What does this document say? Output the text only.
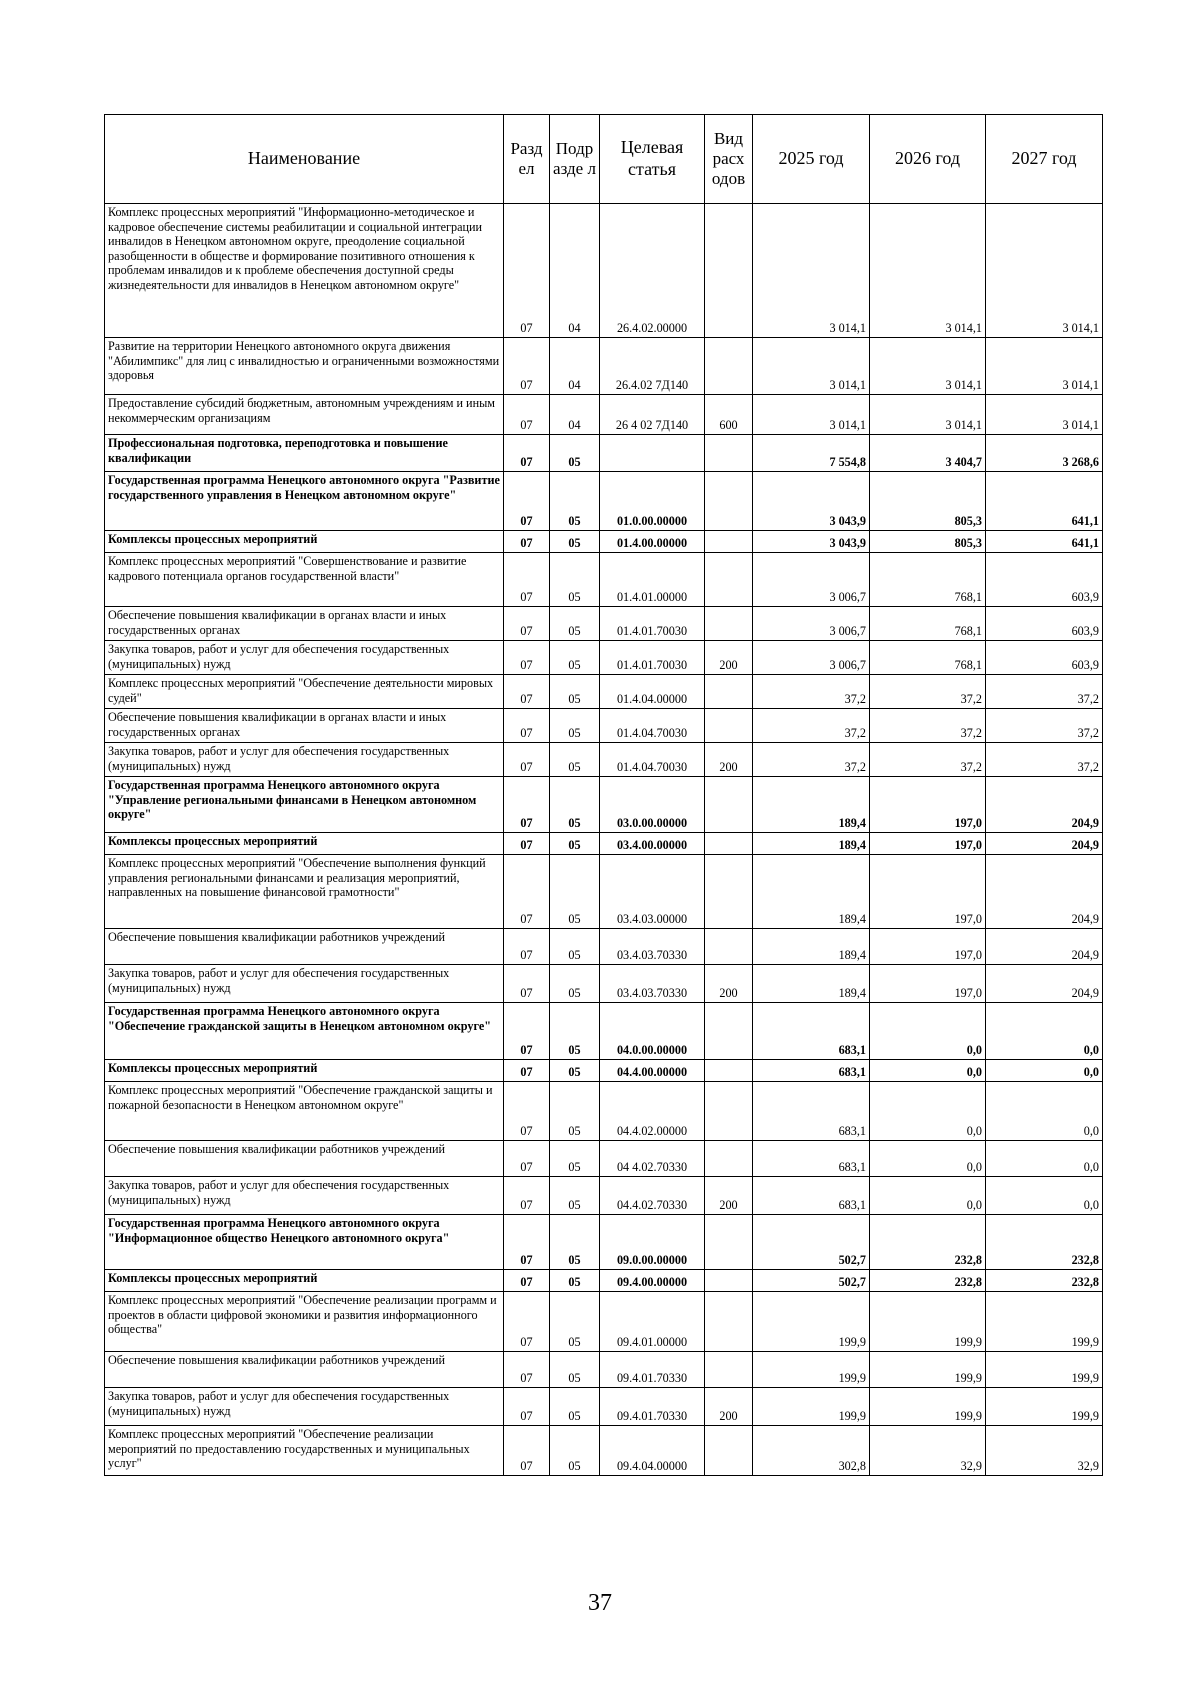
Наименование	Разд ел	Подр азде л	Целевая статья	Вид расх одов	2025 год	2026 год	2027 год
Комплекс процессных мероприятий "Информационно-методическое и кадровое обеспечение системы реабилитации и социальной интеграции инвалидов в Ненецком автономном округе, преодоление социальной разобщенности в обществе и формирование позитивного отношения к проблемам инвалидов и к проблеме обеспечения доступной среды жизнедеятельности для инвалидов в Ненецком автономном округе"	07	04	26.4.02.00000		3 014,1	3 014,1	3 014,1
Развитие на территории Ненецкого автономного округа движения "Абилимпикс" для лиц с инвалидностью и ограниченными возможностями здоровья	07	04	26.4.02 7Д140		3 014,1	3 014,1	3 014,1
Предоставление субсидий бюджетным, автономным учреждениям и иным некоммерческим организациям	07	04	26 4 02 7Д140	600	3 014,1	3 014,1	3 014,1
Профессиональная подготовка, переподготовка и повышение квалификации	07	05			7 554,8	3 404,7	3 268,6
Государственная программа Ненецкого автономного округа "Развитие государственного управления в Ненецком автономном округе"	07	05	01.0.00.00000		3 043,9	805,3	641,1
Комплексы процессных мероприятий	07	05	01.4.00.00000		3 043,9	805,3	641,1
Комплекс процессных мероприятий "Совершенствование и развитие кадрового потенциала органов государственной власти"	07	05	01.4.01.00000		3 006,7	768,1	603,9
Обеспечение повышения квалификации в органах власти и иных государственных органах	07	05	01.4.01.70030		3 006,7	768,1	603,9
Закупка товаров, работ и услуг для обеспечения государственных (муниципальных) нужд	07	05	01.4.01.70030	200	3 006,7	768,1	603,9
Комплекс процессных мероприятий "Обеспечение деятельности мировых судей"	07	05	01.4.04.00000		37,2	37,2	37,2
Обеспечение повышения квалификации в органах власти и иных государственных органах	07	05	01.4.04.70030		37,2	37,2	37,2
Закупка товаров, работ и услуг для обеспечения государственных (муниципальных) нужд	07	05	01.4.04.70030	200	37,2	37,2	37,2
Государственная программа Ненецкого автономного округа "Управление региональными финансами в Ненецком автономном округе"	07	05	03.0.00.00000		189,4	197,0	204,9
Комплексы процессных мероприятий	07	05	03.4.00.00000		189,4	197,0	204,9
Комплекс процессных мероприятий "Обеспечение выполнения функций управления региональными финансами и реализация мероприятий, направленных на повышение финансовой грамотности"	07	05	03.4.03.00000		189,4	197,0	204,9
Обеспечение повышения квалификации работников учреждений	07	05	03.4.03.70330		189,4	197,0	204,9
Закупка товаров, работ и услуг для обеспечения государственных (муниципальных) нужд	07	05	03.4.03.70330	200	189,4	197,0	204,9
Государственная программа Ненецкого автономного округа "Обеспечение гражданской защиты в Ненецком автономном округе"	07	05	04.0.00.00000		683,1	0,0	0,0
Комплексы процессных мероприятий	07	05	04.4.00.00000		683,1	0,0	0,0
Комплекс процессных мероприятий "Обеспечение гражданской защиты и пожарной безопасности в Ненецком автономном округе"	07	05	04.4.02.00000		683,1	0,0	0,0
Обеспечение повышения квалификации работников учреждений	07	05	04 4.02.70330		683,1	0,0	0,0
Закупка товаров, работ и услуг для обеспечения государственных (муниципальных) нужд	07	05	04.4.02.70330	200	683,1	0,0	0,0
Государственная программа Ненецкого автономного округа "Информационное общество Ненецкого автономного округа"	07	05	09.0.00.00000		502,7	232,8	232,8
Комплексы процессных мероприятий	07	05	09.4.00.00000		502,7	232,8	232,8
Комплекс процессных мероприятий "Обеспечение реализации программ и проектов в области цифровой экономики и развития информационного общества"	07	05	09.4.01.00000		199,9	199,9	199,9
Обеспечение повышения квалификации работников учреждений	07	05	09.4.01.70330		199,9	199,9	199,9
Закупка товаров, работ и услуг для обеспечения государственных (муниципальных) нужд	07	05	09.4.01.70330	200	199,9	199,9	199,9
Комплекс процессных мероприятий "Обеспечение реализации мероприятий по предоставлению государственных и муниципальных услуг"	07	05	09.4.04.00000		302,8	32,9	32,9
37
